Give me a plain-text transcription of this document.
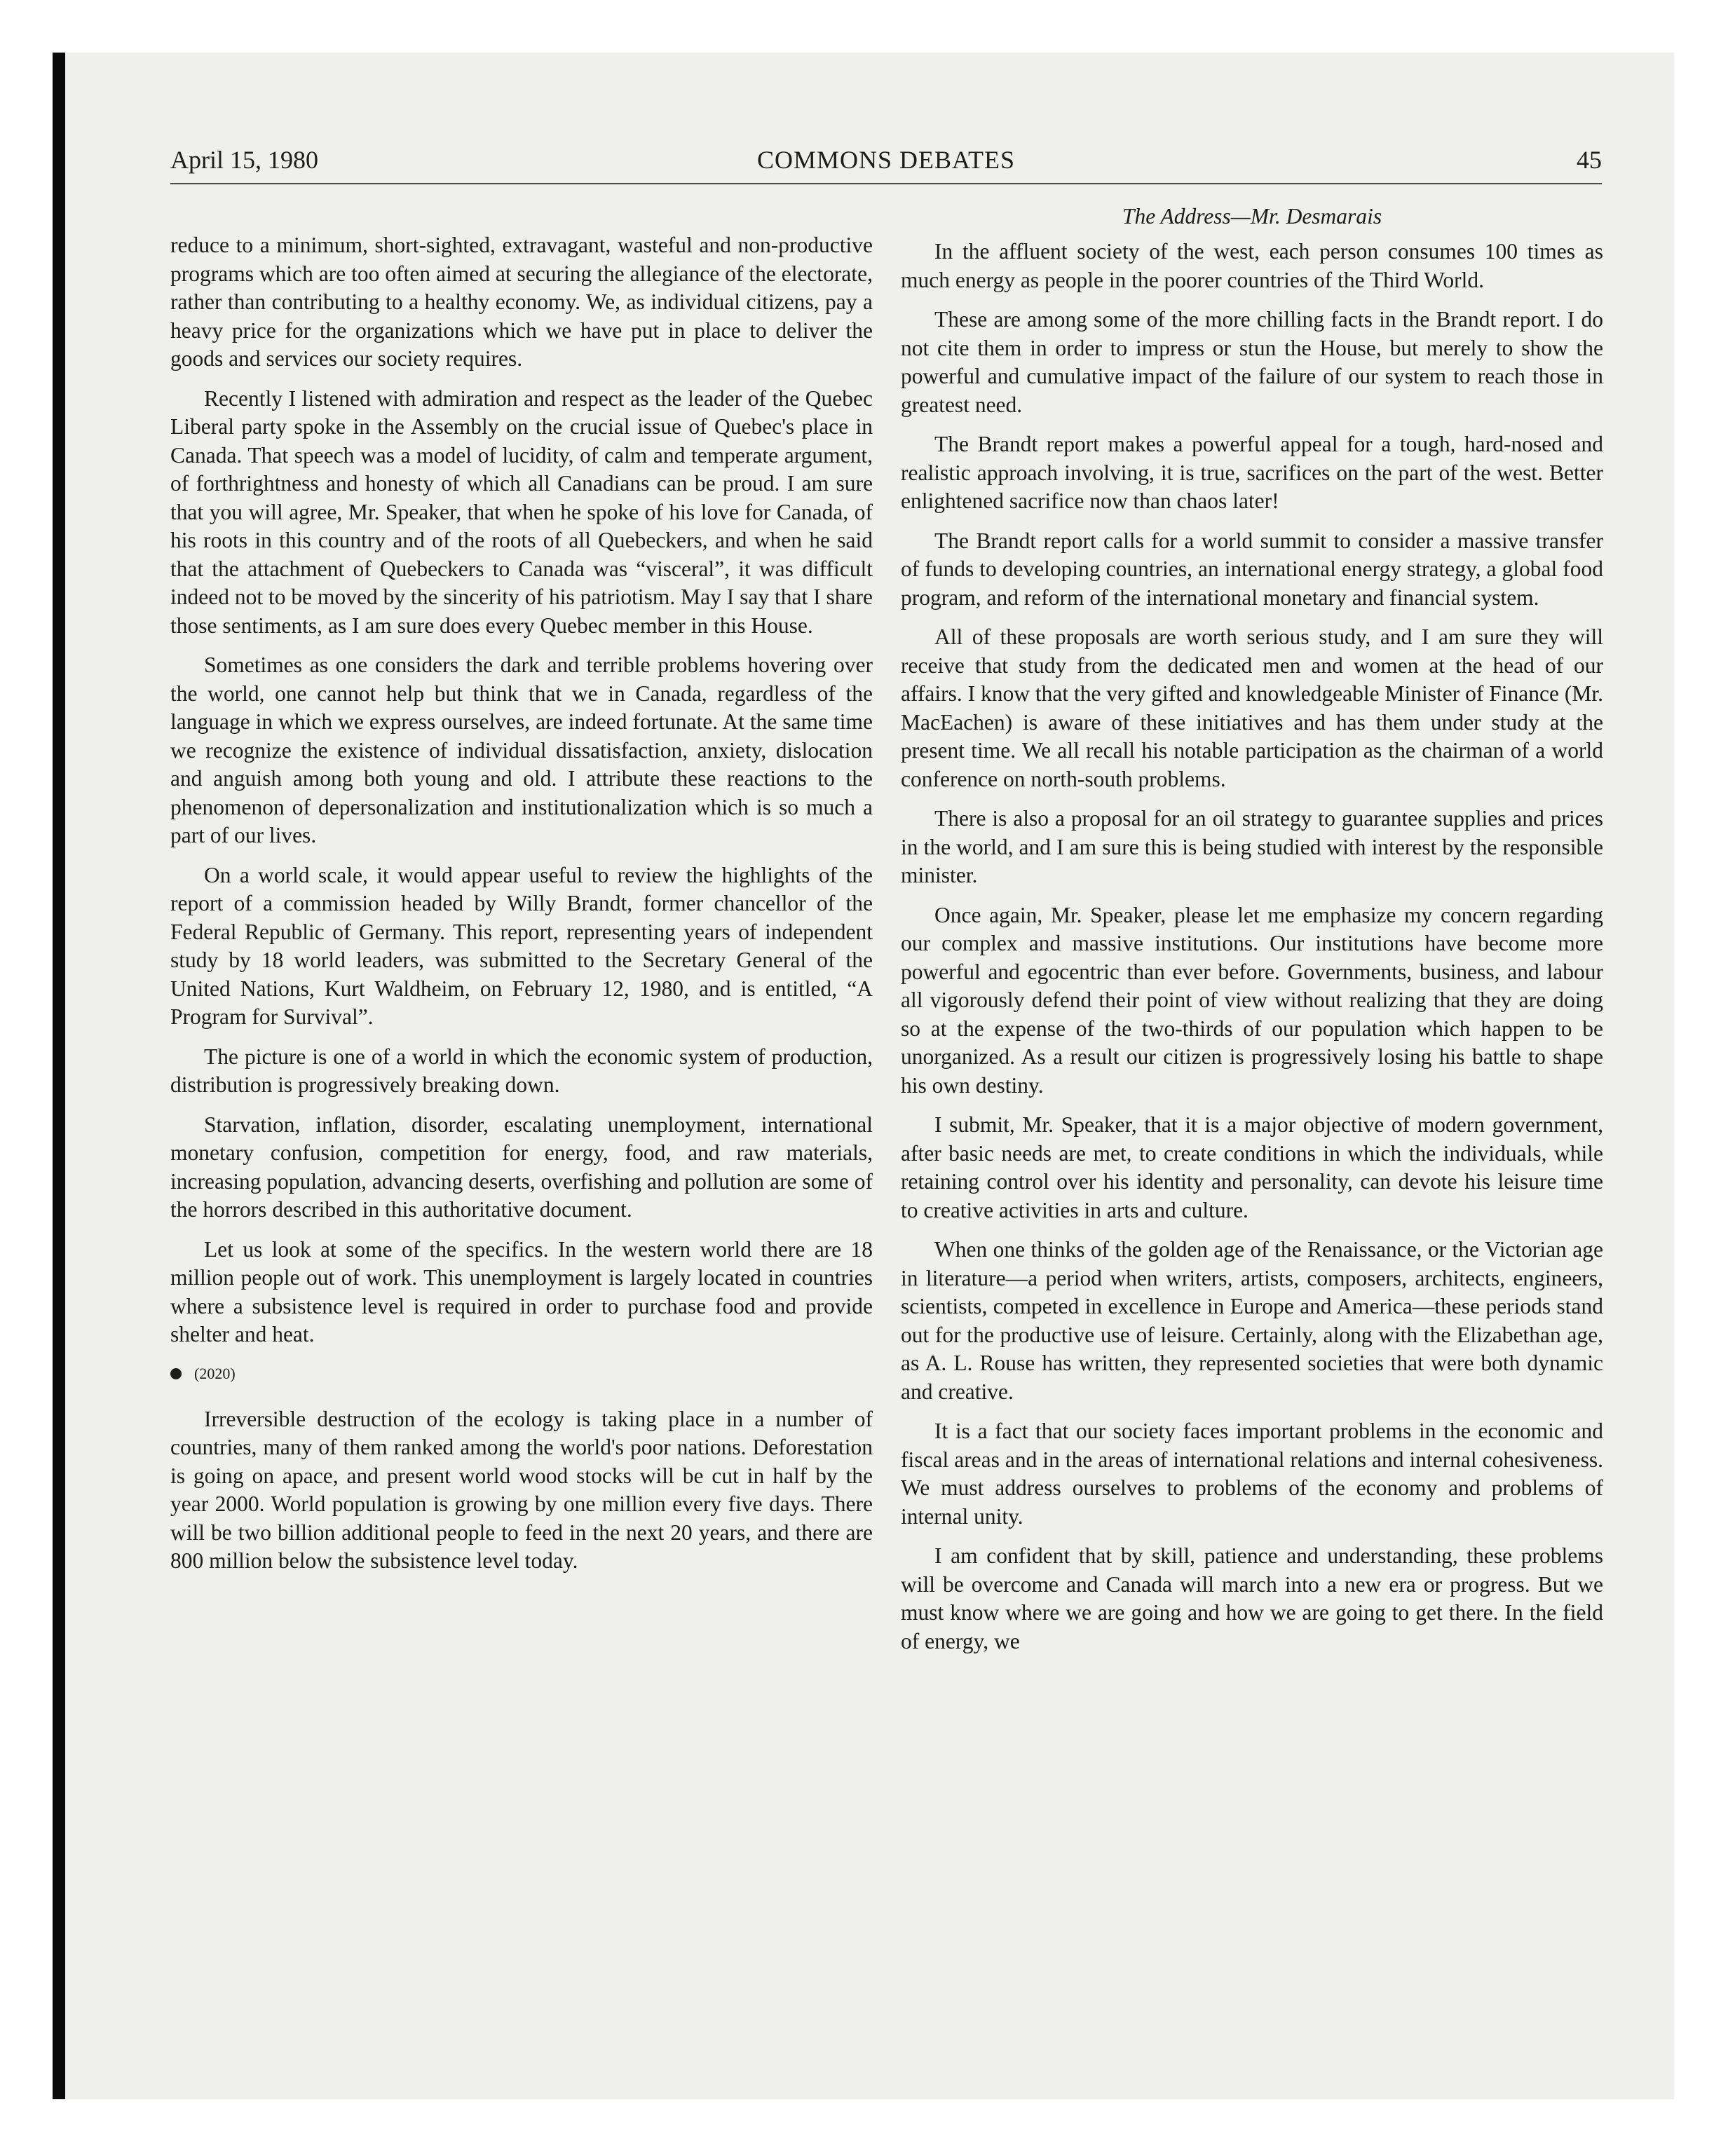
April 15, 1980	COMMONS DEBATES	45

reduce to a minimum, short-sighted, extravagant, wasteful and non-productive programs which are too often aimed at securing the allegiance of the electorate, rather than contributing to a healthy economy. We, as individual citizens, pay a heavy price for the organizations which we have put in place to deliver the goods and services our society requires.

Recently I listened with admiration and respect as the leader of the Quebec Liberal party spoke in the Assembly on the crucial issue of Quebec's place in Canada. That speech was a model of lucidity, of calm and temperate argument, of forthrightness and honesty of which all Canadians can be proud. I am sure that you will agree, Mr. Speaker, that when he spoke of his love for Canada, of his roots in this country and of the roots of all Quebeckers, and when he said that the attachment of Quebeckers to Canada was “visceral”, it was difficult indeed not to be moved by the sincerity of his patriotism. May I say that I share those sentiments, as I am sure does every Quebec member in this House.

Sometimes as one considers the dark and terrible problems hovering over the world, one cannot help but think that we in Canada, regardless of the language in which we express ourselves, are indeed fortunate. At the same time we recognize the existence of individual dissatisfaction, anxiety, dislocation and anguish among both young and old. I attribute these reactions to the phenomenon of depersonalization and institutionalization which is so much a part of our lives.

On a world scale, it would appear useful to review the highlights of the report of a commission headed by Willy Brandt, former chancellor of the Federal Republic of Germany. This report, representing years of independent study by 18 world leaders, was submitted to the Secretary General of the United Nations, Kurt Waldheim, on February 12, 1980, and is entitled, “A Program for Survival”.

The picture is one of a world in which the economic system of production, distribution is progressively breaking down.

Starvation, inflation, disorder, escalating unemployment, international monetary confusion, competition for energy, food, and raw materials, increasing population, advancing deserts, overfishing and pollution are some of the horrors described in this authoritative document.

Let us look at some of the specifics. In the western world there are 18 million people out of work. This unemployment is largely located in countries where a subsistence level is required in order to purchase food and provide shelter and heat.

(2020)

Irreversible destruction of the ecology is taking place in a number of countries, many of them ranked among the world's poor nations. Deforestation is going on apace, and present world wood stocks will be cut in half by the year 2000. World population is growing by one million every five days. There will be two billion additional people to feed in the next 20 years, and there are 800 million below the subsistence level today.

The Address—Mr. Desmarais

In the affluent society of the west, each person consumes 100 times as much energy as people in the poorer countries of the Third World.

These are among some of the more chilling facts in the Brandt report. I do not cite them in order to impress or stun the House, but merely to show the powerful and cumulative impact of the failure of our system to reach those in greatest need.

The Brandt report makes a powerful appeal for a tough, hard-nosed and realistic approach involving, it is true, sacrifices on the part of the west. Better enlightened sacrifice now than chaos later!

The Brandt report calls for a world summit to consider a massive transfer of funds to developing countries, an international energy strategy, a global food program, and reform of the international monetary and financial system.

All of these proposals are worth serious study, and I am sure they will receive that study from the dedicated men and women at the head of our affairs. I know that the very gifted and knowledgeable Minister of Finance (Mr. MacEachen) is aware of these initiatives and has them under study at the present time. We all recall his notable participation as the chairman of a world conference on north-south problems.

There is also a proposal for an oil strategy to guarantee supplies and prices in the world, and I am sure this is being studied with interest by the responsible minister.

Once again, Mr. Speaker, please let me emphasize my concern regarding our complex and massive institutions. Our institutions have become more powerful and egocentric than ever before. Governments, business, and labour all vigorously defend their point of view without realizing that they are doing so at the expense of the two-thirds of our population which happen to be unorganized. As a result our citizen is progressively losing his battle to shape his own destiny.

I submit, Mr. Speaker, that it is a major objective of modern government, after basic needs are met, to create conditions in which the individuals, while retaining control over his identity and personality, can devote his leisure time to creative activities in arts and culture.

When one thinks of the golden age of the Renaissance, or the Victorian age in literature—a period when writers, artists, composers, architects, engineers, scientists, competed in excellence in Europe and America—these periods stand out for the productive use of leisure. Certainly, along with the Elizabethan age, as A. L. Rouse has written, they represented societies that were both dynamic and creative.

It is a fact that our society faces important problems in the economic and fiscal areas and in the areas of international relations and internal cohesiveness. We must address ourselves to problems of the economy and problems of internal unity.

I am confident that by skill, patience and understanding, these problems will be overcome and Canada will march into a new era or progress. But we must know where we are going and how we are going to get there. In the field of energy, we
